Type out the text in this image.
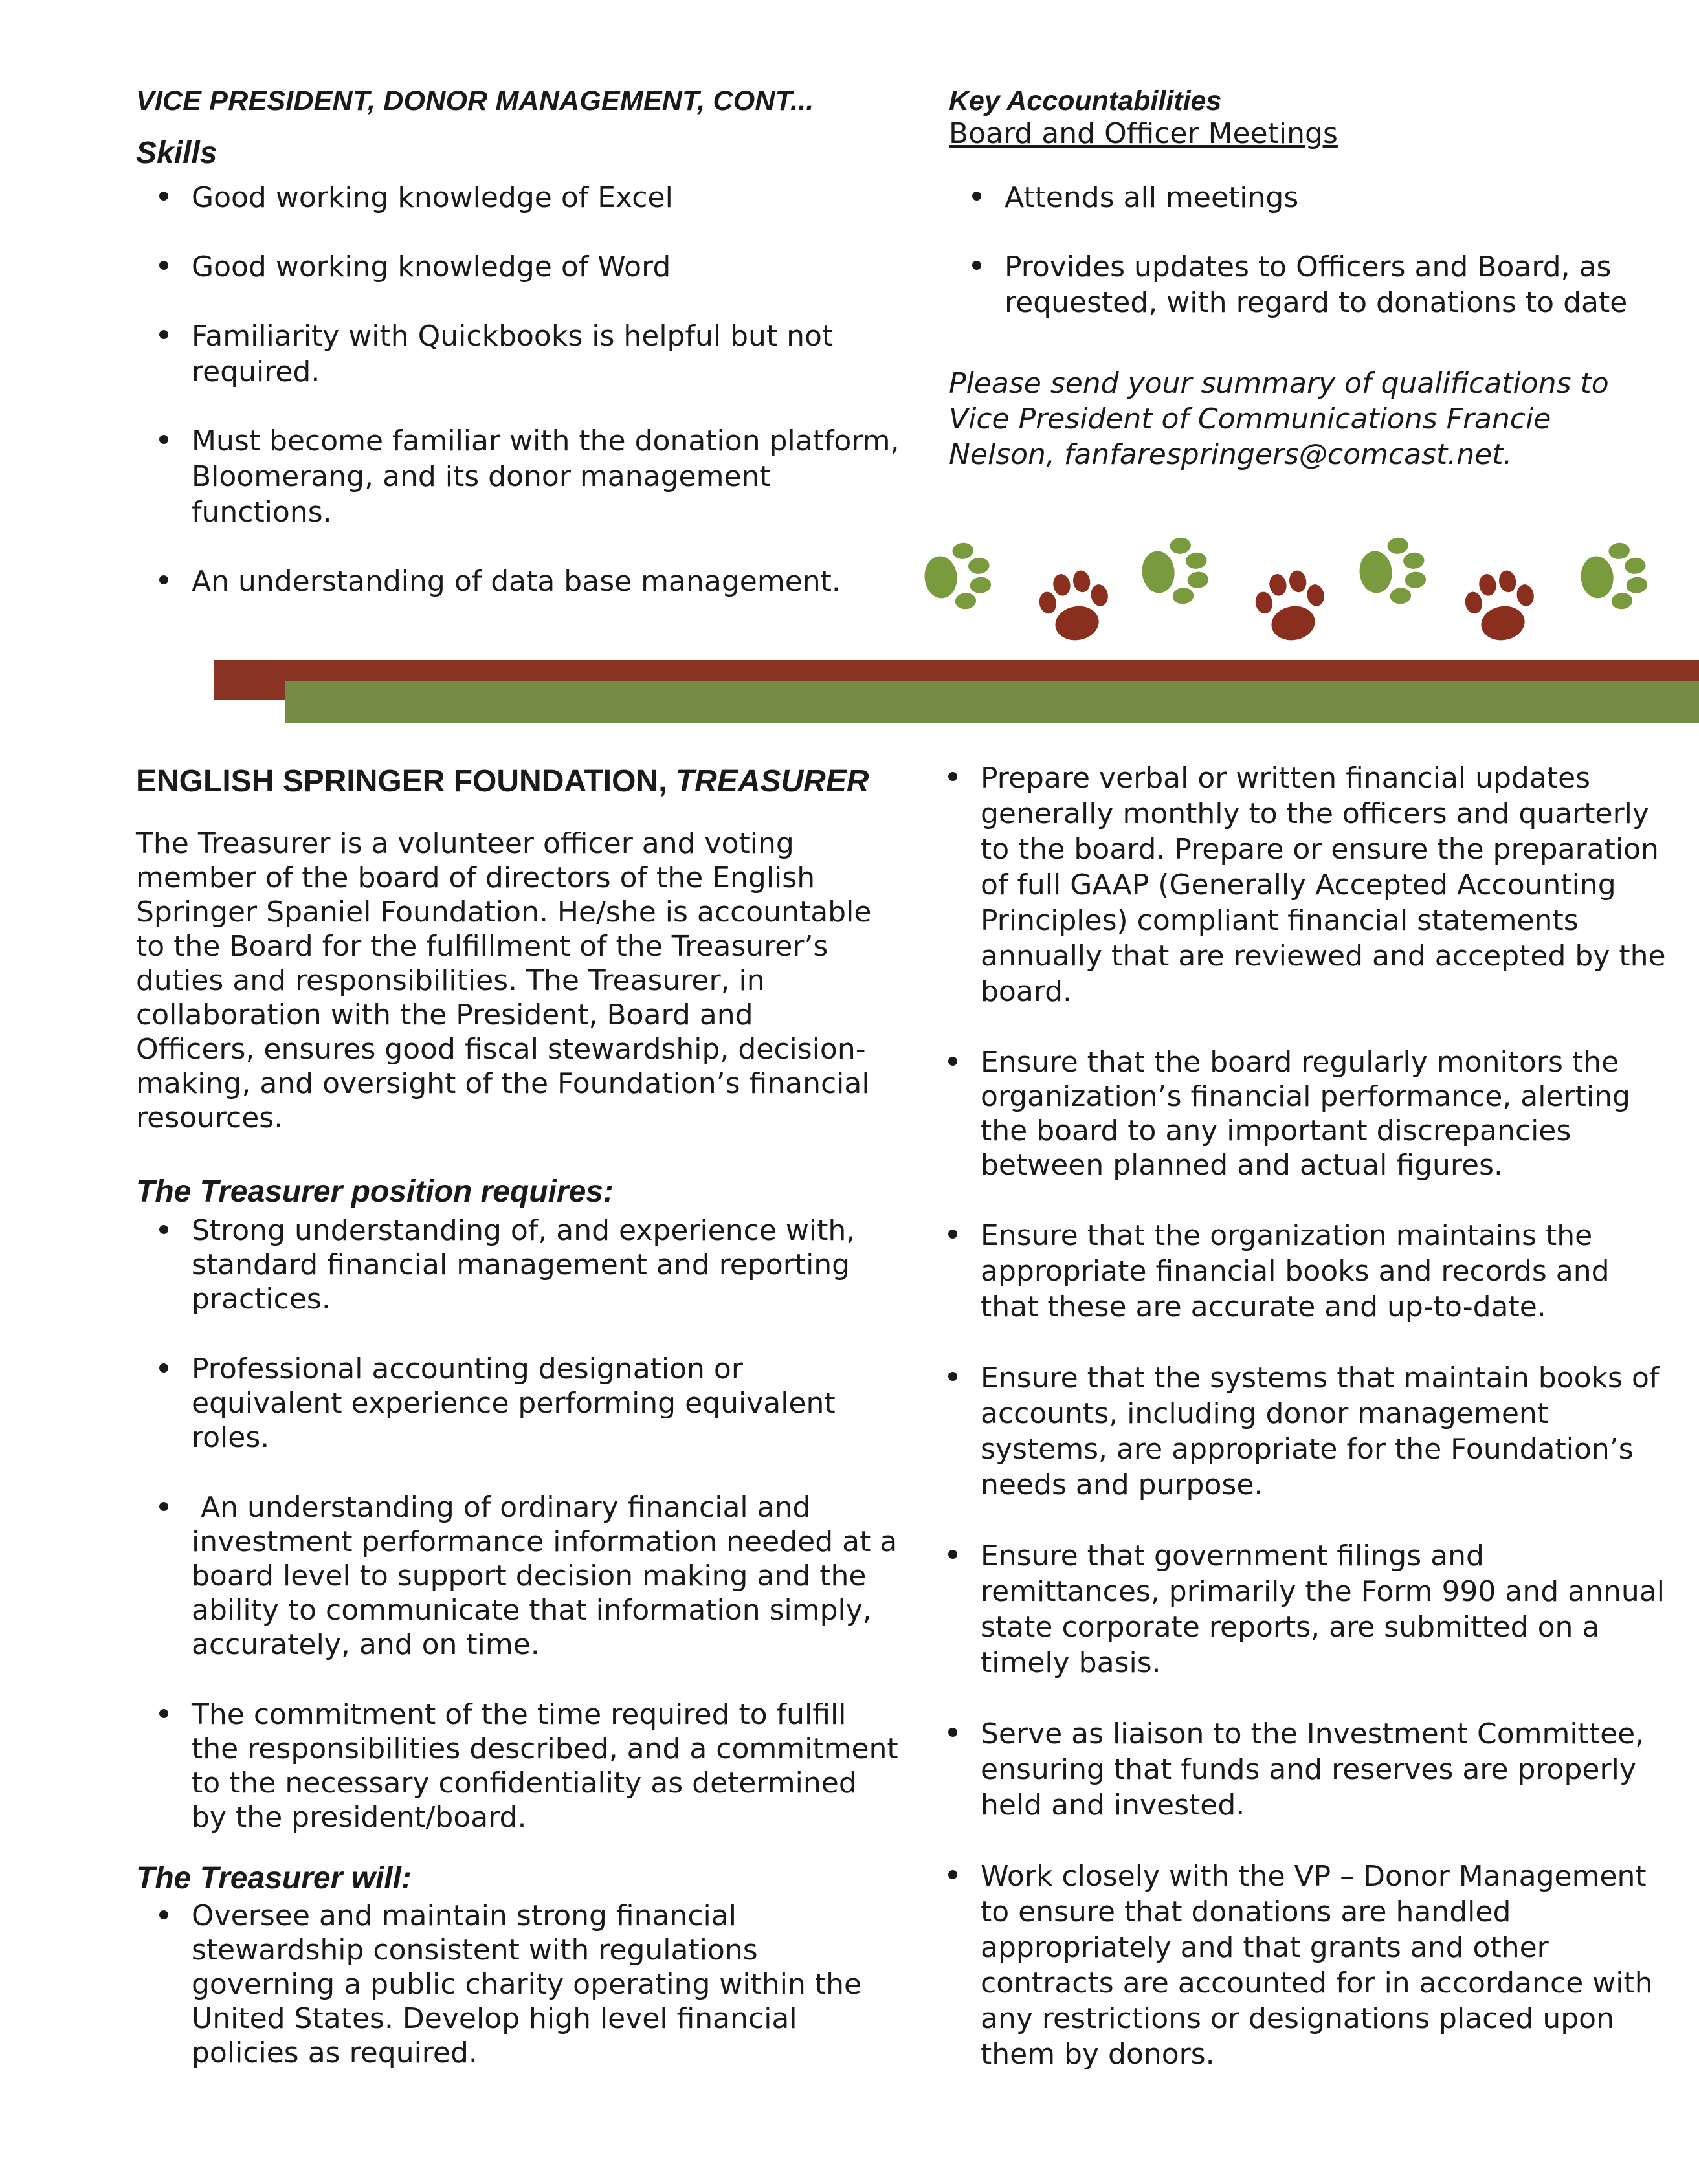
VICE PRESIDENT, DONOR MANAGEMENT, CONT...
Skills
Good working knowledge of Excel
Good working knowledge of Word
Familiarity with Quickbooks is helpful but not required.
Must become familiar with the donation platform, Bloomerang, and its donor management functions.
An understanding of data base management.
Key Accountabilities
Board and Officer Meetings
Attends all meetings
Provides updates to Officers and Board, as requested, with regard to donations to date

Please send your summary of qualifications to Vice President of Communications Francie Nelson, fanfarespringers@comcast.net.

ENGLISH SPRINGER FOUNDATION, TREASURER

The Treasurer is a volunteer officer and voting member of the board of directors of the English Springer Spaniel Foundation. He/she is accountable to the Board for the fulfillment of the Treasurer’s duties and responsibilities. The Treasurer, in collaboration with the President, Board and Officers, ensures good fiscal stewardship, decision-making, and oversight of the Foundation’s financial resources.

The Treasurer position requires:
Strong understanding of, and experience with, standard financial management and reporting practices.
Professional accounting designation or equivalent experience performing equivalent roles.
An understanding of ordinary financial and investment performance information needed at a board level to support decision making and the ability to communicate that information simply, accurately, and on time.
The commitment of the time required to fulfill the responsibilities described, and a commitment to the necessary confidentiality as determined by the president/board.
The Treasurer will:
Oversee and maintain strong financial stewardship consistent with regulations governing a public charity operating within the United States. Develop high level financial policies as required.
Prepare verbal or written financial updates generally monthly to the officers and quarterly to the board. Prepare or ensure the preparation of full GAAP (Generally Accepted Accounting Principles) compliant financial statements annually that are reviewed and accepted by the board.
Ensure that the board regularly monitors the organization’s financial performance, alerting the board to any important discrepancies between planned and actual figures.
Ensure that the organization maintains the appropriate financial books and records and that these are accurate and up-to-date.
Ensure that the systems that maintain books of accounts, including donor management systems, are appropriate for the Foundation’s needs and purpose.
Ensure that government filings and remittances, primarily the Form 990 and annual state corporate reports, are submitted on a timely basis.
Serve as liaison to the Investment Committee, ensuring that funds and reserves are properly held and invested.
Work closely with the VP – Donor Management to ensure that donations are handled appropriately and that grants and other contracts are accounted for in accordance with any restrictions or designations placed upon them by donors.
